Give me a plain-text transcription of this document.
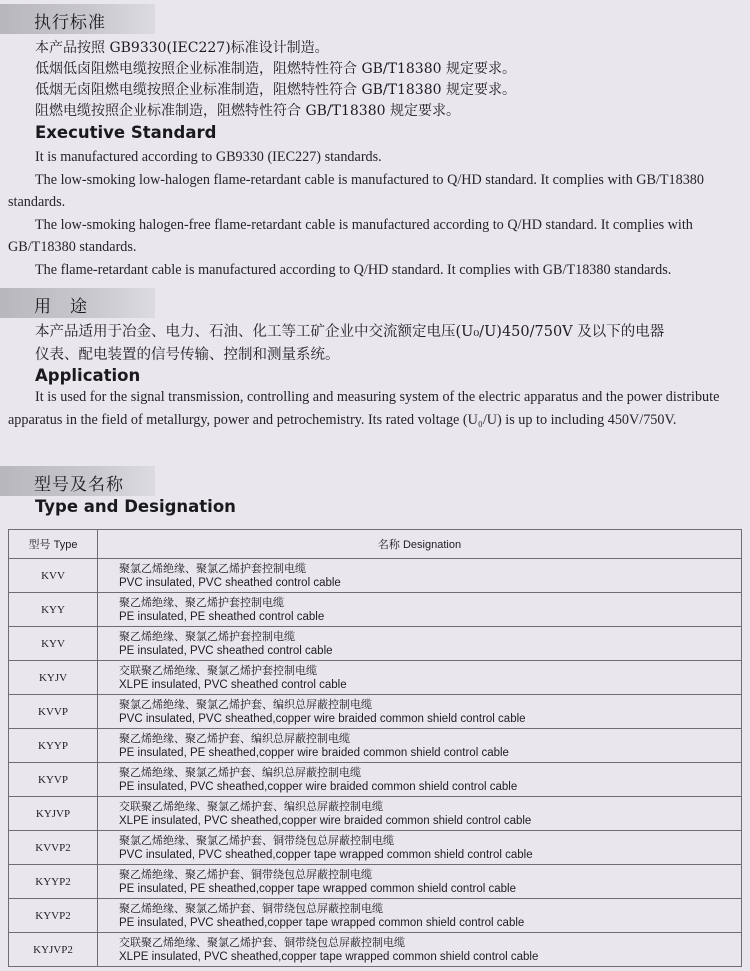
执行标准
本产品按照 GB9330(IEC227)标准设计制造。
低烟低卤阻燃电缆按照企业标准制造，阻燃特性符合 GB/T18380 规定要求。
低烟无卤阻燃电缆按照企业标准制造，阻燃特性符合 GB/T18380 规定要求。
阻燃电缆按照企业标准制造，阻燃特性符合 GB/T18380 规定要求。
Executive Standard

It is manufactured according to GB9330 (IEC227) standards.

The low-smoking low-halogen flame-retardant cable is manufactured to Q/HD standard. It complies with GB/T18380 standards.

The low-smoking halogen-free flame-retardant cable is manufactured according to Q/HD standard. It complies with GB/T18380 standards.

The flame-retardant cable is manufactured according to Q/HD standard. It complies with GB/T18380 standards.

用　途
本产品适用于冶金、电力、石油、化工等工矿企业中交流额定电压(U₀/U)450/750V 及以下的电器
仪表、配电装置的信号传输、控制和测量系统。
Application

It is used for the signal transmission, controlling and measuring system of the electric apparatus and the power distribute apparatus in the field of metallurgy, power and petrochemistry. Its rated voltage (U₀/U) is up to including 450V/750V.

型号及名称
Type and Designation
型号 Type	名称 Designation
KVV	聚氯乙烯绝缘、聚氯乙烯护套控制电缆
PVC insulated, PVC sheathed control cable

KYY	聚乙烯绝缘、聚乙烯护套控制电缆
PE insulated, PE sheathed control cable

KYV	聚乙烯绝缘、聚氯乙烯护套控制电缆
PE insulated, PVC sheathed control cable

KYJV	交联聚乙烯绝缘、聚氯乙烯护套控制电缆
XLPE insulated, PVC sheathed control cable

KVVP	聚氯乙烯绝缘、聚氯乙烯护套、编织总屏蔽控制电缆
PVC insulated, PVC sheathed,copper wire braided common shield control cable

KYYP	聚乙烯绝缘、聚乙烯护套、编织总屏蔽控制电缆
PE insulated, PE sheathed,copper wire braided common shield control cable

KYVP	聚乙烯绝缘、聚氯乙烯护套、编织总屏蔽控制电缆
PE insulated, PVC sheathed,copper wire braided common shield control cable

KYJVP	交联聚乙烯绝缘、聚氯乙烯护套、编织总屏蔽控制电缆
XLPE insulated, PVC sheathed,copper wire braided common shield control cable

KVVP2	聚氯乙烯绝缘、聚氯乙烯护套、铜带绕包总屏蔽控制电缆
PVC insulated, PVC sheathed,copper tape wrapped common shield control cable

KYYP2	聚乙烯绝缘、聚乙烯护套、铜带绕包总屏蔽控制电缆
PE insulated, PE sheathed,copper tape wrapped common shield control cable

KYVP2	聚乙烯绝缘、聚氯乙烯护套、铜带绕包总屏蔽控制电缆
PE insulated, PVC sheathed,copper tape wrapped common shield control cable

KYJVP2	交联聚乙烯绝缘、聚氯乙烯护套、铜带绕包总屏蔽控制电缆
XLPE insulated, PVC sheathed,copper tape wrapped common shield control cable
